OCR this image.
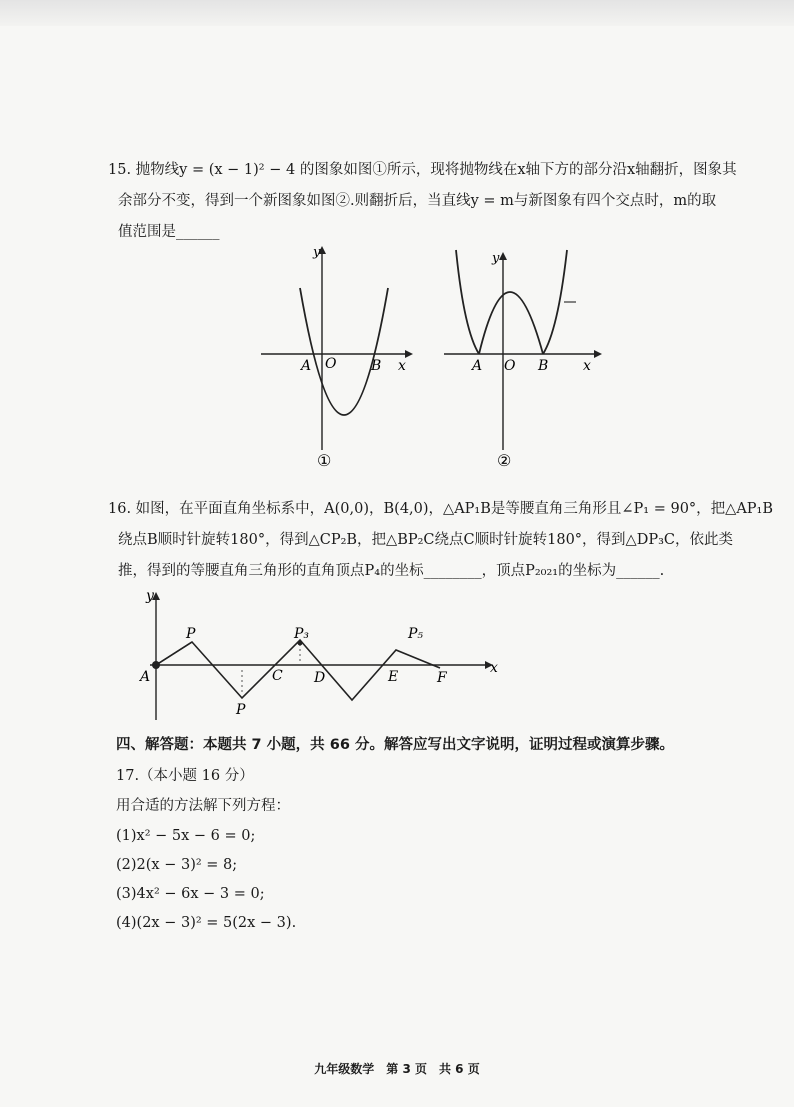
15. 抛物线y = (x − 1)² − 4 的图象如图①所示，现将抛物线在x轴下方的部分沿x轴翻折，图象其
余部分不变，得到一个新图象如图②.则翻折后，当直线y = m与新图象有四个交点时，m的取
值范围是______
y
A O B x
①
y
A O B x
②
16. 如图，在平面直角坐标系中，A(0,0)，B(4,0)，△AP₁B是等腰直角三角形且∠P₁ = 90°，把△AP₁B
绕点B顺时针旋转180°，得到△CP₂B，把△BP₂C绕点C顺时针旋转180°，得到△DP₃C，依此类
推，得到的等腰直角三角形的直角顶点P₄的坐标________，顶点P₂₀₂₁的坐标为______.
y
x
A
P
P
C
P₃
D	E
P₅
F
四、解答题：本题共 7 小题，共 66 分。解答应写出文字说明，证明过程或演算步骤。
17.（本小题 16 分）
用合适的方法解下列方程：
(1)x² − 5x − 6 = 0;
(2)2(x − 3)² = 8;
(3)4x² − 6x − 3 = 0;
(4)(2x − 3)² = 5(2x − 3).
九年级数学　第 3 页　共 6 页
